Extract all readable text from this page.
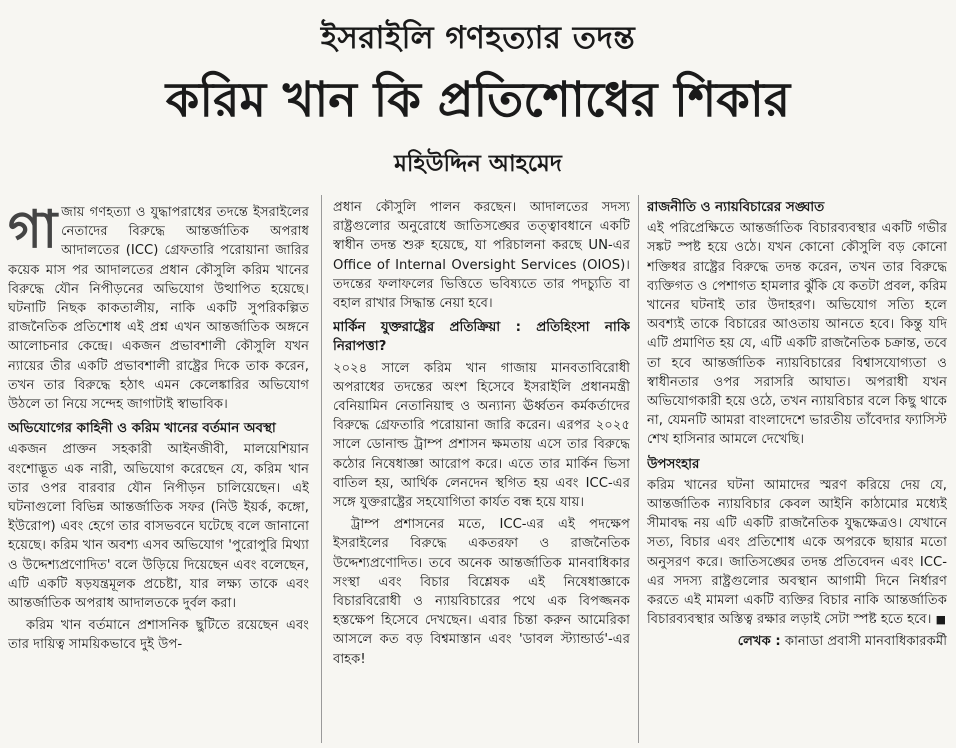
ইসরাইলি গণহত্যার তদন্ত
করিম খান কি প্রতিশোধের শিকার
মহিউদ্দিন আহমেদ

গাজায় গণহত্যা ও যুদ্ধাপরাধের তদন্তে ইসরাইলের নেতাদের বিরুদ্ধে আন্তর্জাতিক অপরাধ আদালতের (ICC) গ্রেফতারি পরোয়ানা জারির কয়েক মাস পর আদালতের প্রধান কৌসুলি করিম খানের বিরুদ্ধে যৌন নিপীড়নের অভিযোগ উত্থাপিত হয়েছে। ঘটনাটি নিছক কাকতালীয়, নাকি একটি সুপরিকল্পিত রাজনৈতিক প্রতিশোধ এই প্রশ্ন এখন আন্তর্জাতিক অঙ্গনে আলোচনার কেন্দ্রে। একজন প্রভাবশালী কৌসুলি যখন ন্যায়ের তীর একটি প্রভাবশালী রাষ্ট্রের দিকে তাক করেন, তখন তার বিরুদ্ধে হঠাৎ এমন কেলেঙ্কারির অভিযোগ উঠলে তা নিয়ে সন্দেহ জাগাটাই স্বাভাবিক।

অভিযোগের কাহিনী ও করিম খানের বর্তমান অবস্থা

একজন প্রাক্তন সহকারী আইনজীবী, মালয়েশিয়ান বংশোদ্ভূত এক নারী, অভিযোগ করেছেন যে, করিম খান তার ওপর বারবার যৌন নিপীড়ন চালিয়েছেন। এই ঘটনাগুলো বিভিন্ন আন্তর্জাতিক সফর (নিউ ইয়র্ক, কঙ্গো, ইউরোপ) এবং হেগে তার বাসভবনে ঘটেছে বলে জানানো হয়েছে। করিম খান অবশ্য এসব অভিযোগ 'পুরোপুরি মিথ্যা ও উদ্দেশ্যপ্রণোদিত' বলে উড়িয়ে দিয়েছেন এবং বলেছেন, এটি একটি ষড়যন্ত্রমূলক প্রচেষ্টা, যার লক্ষ্য তাকে এবং আন্তর্জাতিক অপরাধ আদালতকে দুর্বল করা।

করিম খান বর্তমানে প্রশাসনিক ছুটিতে রয়েছেন এবং তার দায়িত্ব সাময়িকভাবে দুই উপ-

প্রধান কৌসুলি পালন করছেন। আদালতের সদস্য রাষ্ট্রগুলোর অনুরোধে জাতিসঙ্ঘের তত্ত্বাবধানে একটি স্বাধীন তদন্ত শুরু হয়েছে, যা পরিচালনা করছে UN-এর Office of Internal Oversight Services (OIOS)। তদন্তের ফলাফলের ভিত্তিতে ভবিষ্যতে তার পদচ্যুতি বা বহাল রাখার সিদ্ধান্ত নেয়া হবে।

মার্কিন যুক্তরাষ্ট্রের প্রতিক্রিয়া : প্রতিহিংসা নাকি নিরাপত্তা?

২০২৪ সালে করিম খান গাজায় মানবতাবিরোধী অপরাধের তদন্তের অংশ হিসেবে ইসরাইলি প্রধানমন্ত্রী বেনিয়ামিন নেতানিয়াহু ও অন্যান্য ঊর্ধ্বতন কর্মকর্তাদের বিরুদ্ধে গ্রেফতারি পরোয়ানা জারি করেন। এরপর ২০২৫ সালে ডোনাল্ড ট্রাম্প প্রশাসন ক্ষমতায় এসে তার বিরুদ্ধে কঠোর নিষেধাজ্ঞা আরোপ করে। এতে তার মার্কিন ভিসা বাতিল হয়, আর্থিক লেনদেন স্থগিত হয় এবং ICC-এর সঙ্গে যুক্তরাষ্ট্রের সহযোগিতা কার্যত বন্ধ হয়ে যায়।

ট্রাম্প প্রশাসনের মতে, ICC-এর এই পদক্ষেপ ইসরাইলের বিরুদ্ধে একতরফা ও রাজনৈতিক উদ্দেশ্যপ্রণোদিত। তবে অনেক আন্তর্জাতিক মানবাধিকার সংস্থা এবং বিচার বিশ্লেষক এই নিষেধাজ্ঞাকে বিচারবিরোধী ও ন্যায়বিচারের পথে এক বিপজ্জনক হস্তক্ষেপ হিসেবে দেখছেন। এবার চিন্তা করুন আমেরিকা আসলে কত বড় বিশ্বমাস্তান এবং 'ডাবল স্ট্যান্ডার্ড'-এর বাহক!

রাজনীতি ও ন্যায়বিচারের সঙ্ঘাত

এই পরিপ্রেক্ষিতে আন্তর্জাতিক বিচারব্যবস্থার একটি গভীর সঙ্কট স্পষ্ট হয়ে ওঠে। যখন কোনো কৌসুলি বড় কোনো শক্তিধর রাষ্ট্রের বিরুদ্ধে তদন্ত করেন, তখন তার বিরুদ্ধে ব্যক্তিগত ও পেশাগত হামলার ঝুঁকি যে কতটা প্রবল, করিম খানের ঘটনাই তার উদাহরণ। অভিযোগ সত্যি হলে অবশ্যই তাকে বিচারের আওতায় আনতে হবে। কিন্তু যদি এটি প্রমাণিত হয় যে, এটি একটি রাজনৈতিক চক্রান্ত, তবে তা হবে আন্তর্জাতিক ন্যায়বিচারের বিশ্বাসযোগ্যতা ও স্বাধীনতার ওপর সরাসরি আঘাত। অপরাধী যখন অভিযোগকারী হয়ে ওঠে, তখন ন্যায়বিচার বলে কিছু থাকে না, যেমনটি আমরা বাংলাদেশে ভারতীয় তাঁবেদার ফ্যাসিস্ট শেখ হাসিনার আমলে দেখেছি।

উপসংহার

করিম খানের ঘটনা আমাদের স্মরণ করিয়ে দেয় যে, আন্তর্জাতিক ন্যায়বিচার কেবল আইনি কাঠামোর মধ্যেই সীমাবদ্ধ নয় এটি একটি রাজনৈতিক যুদ্ধক্ষেত্রও। যেখানে সত্য, বিচার এবং প্রতিশোধ একে অপরকে ছায়ার মতো অনুসরণ করে। জাতিসঙ্ঘের তদন্ত প্রতিবেদন এবং ICC-এর সদস্য রাষ্ট্রগুলোর অবস্থান আগামী দিনে নির্ধারণ করতে এই মামলা একটি ব্যক্তির বিচার নাকি আন্তর্জাতিক বিচারব্যবস্থার অস্তিত্ব রক্ষার লড়াই সেটা স্পষ্ট হতে হবে। ■

লেখক : কানাডা প্রবাসী মানবাধিকারকর্মী
